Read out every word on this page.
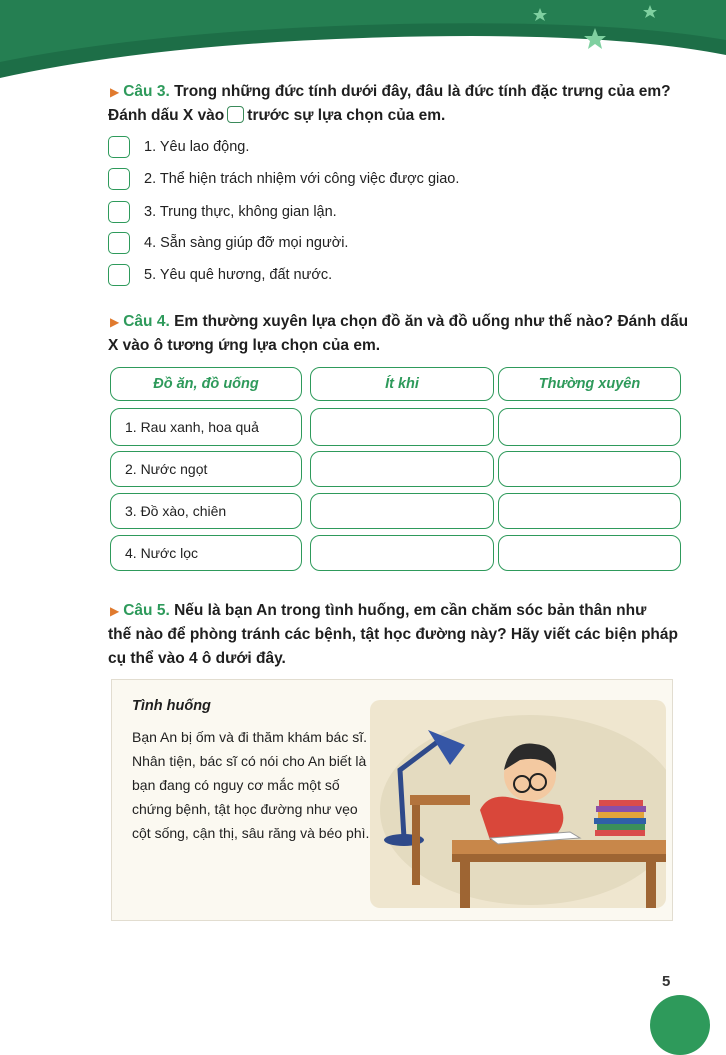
▶ Câu 3. Trong những đức tính dưới đây, đâu là đức tính đặc trưng của em?
Đánh dấu X vào trước sự lựa chọn của em.
1. Yêu lao động.
2. Thể hiện trách nhiệm với công việc được giao.
3. Trung thực, không gian lận.
4. Sẵn sàng giúp đỡ mọi người.
5. Yêu quê hương, đất nước.
▶ Câu 4. Em thường xuyên lựa chọn đồ ăn và đồ uống như thế nào? Đánh dấu
X vào ô tương ứng lựa chọn của em.
Đồ ăn, đồ uống	Ít khi	Thường xuyên
1. Rau xanh, hoa quả
2. Nước ngọt
3. Đồ xào, chiên
4. Nước lọc
▶ Câu 5. Nếu là bạn An trong tình huống, em cần chăm sóc bản thân như
thế nào để phòng tránh các bệnh, tật học đường này? Hãy viết các biện pháp
cụ thể vào 4 ô dưới đây.
Tình huống
Bạn An bị ốm và đi thăm khám bác sĩ. Nhân tiện, bác sĩ có nói cho An biết là bạn đang có nguy cơ mắc một số chứng bệnh, tật học đường như vẹo cột sống, cận thị, sâu răng và béo phì.
5
